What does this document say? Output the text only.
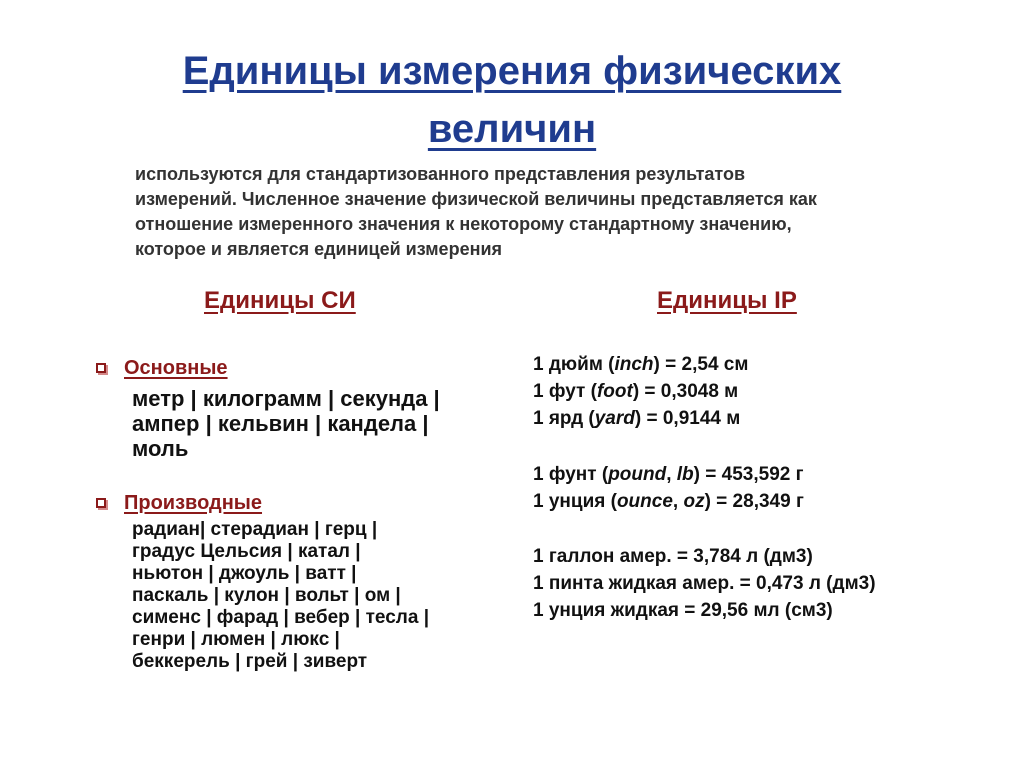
Единицы измерения физических
величин

используются для стандартизованного представления результатов

измерений. Численное значение физической величины представляется как

отношение измеренного значения к некоторому стандартному значению,

которое и является единицей измерения

Единицы СИ	Единицы IP
Основные
метр | килограмм | секунда |
ампер | кельвин | кандела |
моль
Производные
радиан| стерадиан | герц |
градус Цельсия | катал |
ньютон | джоуль | ватт |
паскаль | кулон | вольт | ом |
сименс | фарад | вебер | тесла |
генри | люмен | люкс |
беккерель | грей | зиверт
1 дюйм (inch) = 2,54 см
1 фут (foot) = 0,3048 м
1 ярд (yard) = 0,9144 м
1 фунт (pound, lb) = 453,592 г
1 унция (ounce, oz) = 28,349 г
1 галлон амер. = 3,784 л (дм3)
1 пинта жидкая амер. = 0,473 л (дм3)
1 унция жидкая = 29,56 мл (см3)
